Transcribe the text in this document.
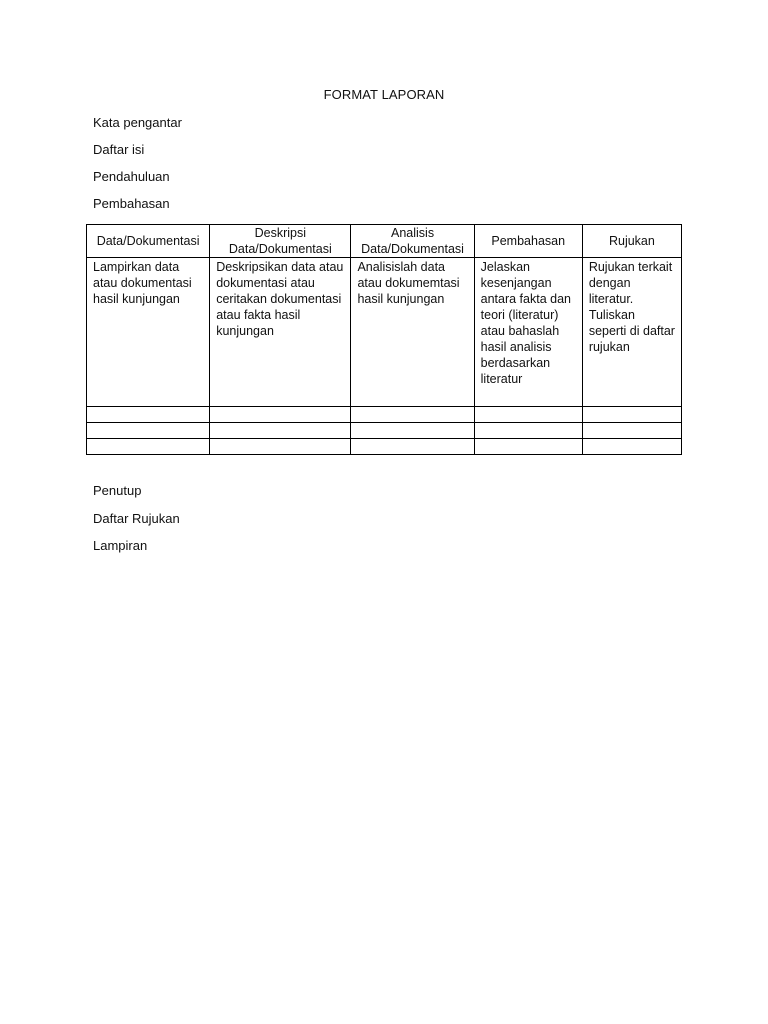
FORMAT LAPORAN
Kata pengantar
Daftar isi
Pendahuluan
Pembahasan
Data/Dokumentasi	Deskripsi Data/Dokumentasi	Analisis Data/Dokumentasi	Pembahasan	Rujukan
Lampirkan data atau dokumentasi hasil kunjungan	Deskripsikan data atau dokumentasi atau ceritakan dokumentasi atau fakta hasil kunjungan	Analisislah data atau dokumemtasi hasil kunjungan	Jelaskan kesenjangan antara fakta dan teori (literatur) atau bahaslah hasil analisis berdasarkan literatur	Rujukan terkait dengan literatur. Tuliskan seperti di daftar rujukan

Penutup
Daftar Rujukan
Lampiran
